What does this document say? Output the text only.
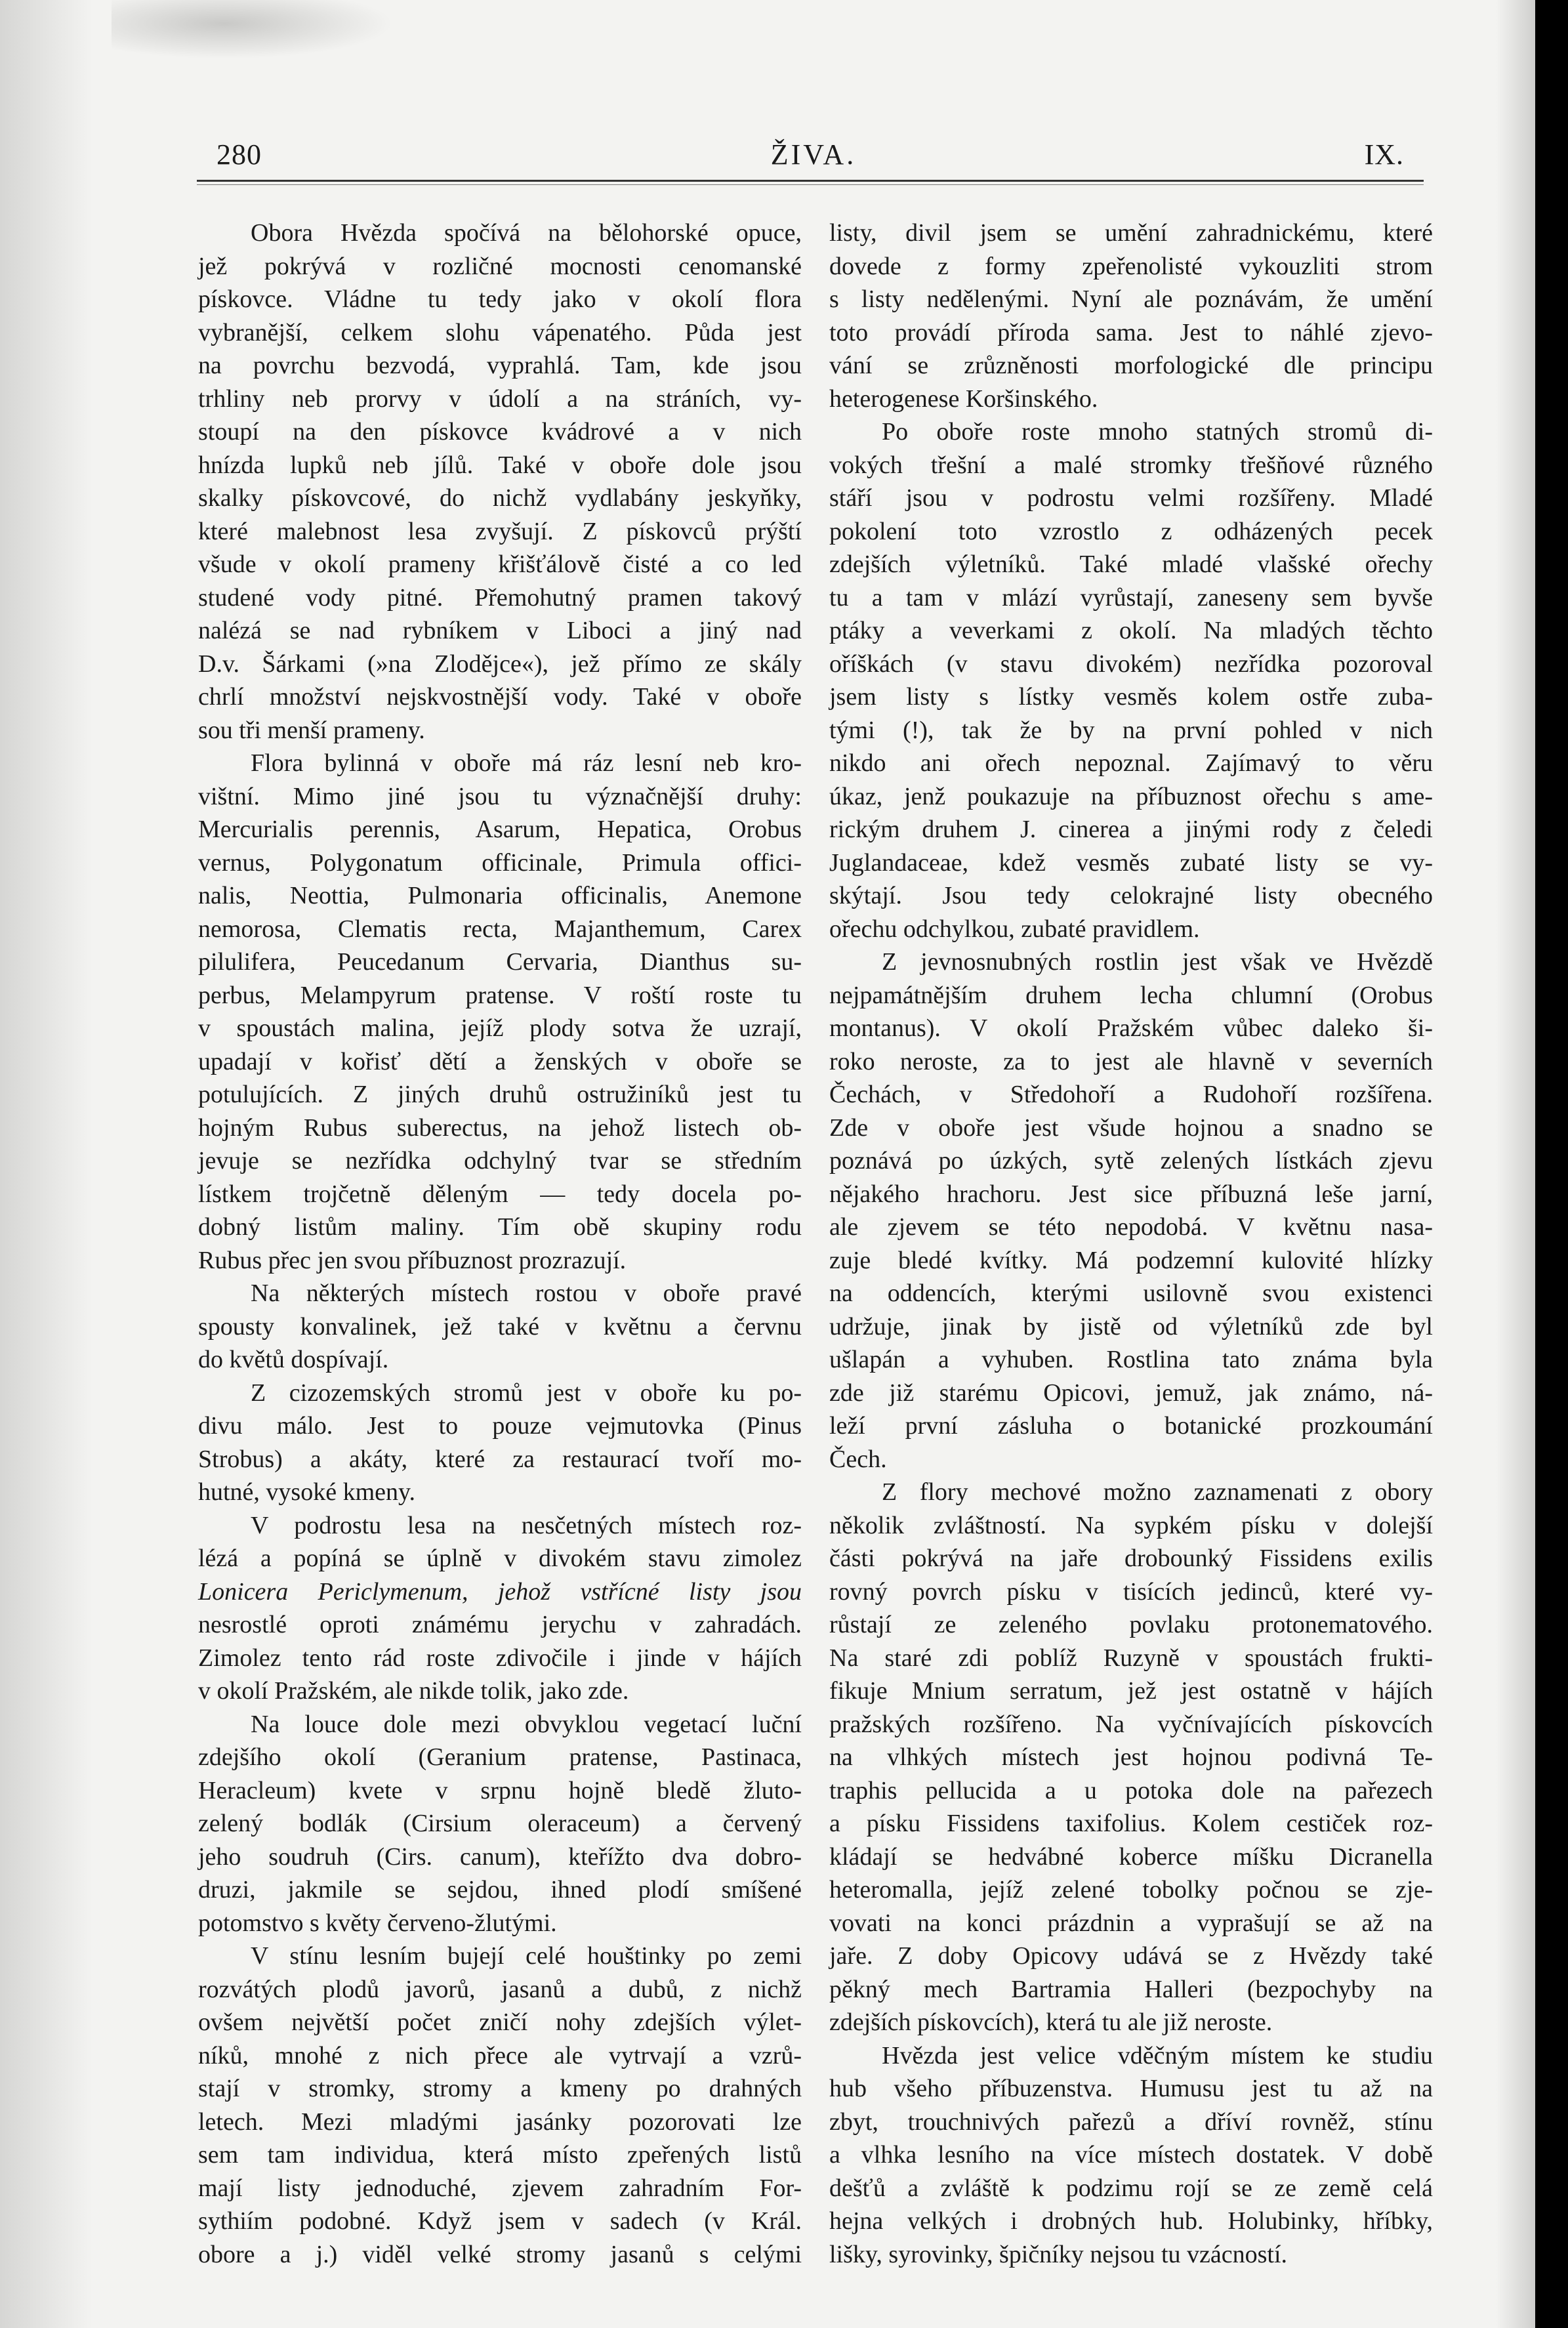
280	ŽIVA.	IX.

Obora Hvězda spočívá na bělohorské opuce,

jež pokrývá v rozličné mocnosti cenomanské

pískovce. Vládne tu tedy jako v okolí flora

vybranější, celkem slohu vápenatého. Půda jest

na povrchu bezvodá, vyprahlá. Tam, kde jsou

trhliny neb prorvy v údolí a na stráních, vy-

stoupí na den pískovce kvádrové a v nich

hnízda lupků neb jílů. Také v oboře dole jsou

skalky pískovcové, do nichž vydlabány jeskyňky,

které malebnost lesa zvyšují. Z pískovců prýští

všude v okolí prameny křišťálově čisté a co led

studené vody pitné. Přemohutný pramen takový

nalézá se nad rybníkem v Liboci a jiný nad

D.v. Šárkami (»na Zlodějce«), jež přímo ze skály

chrlí množství nejskvostnější vody. Také v oboře

sou tři menší prameny.

Flora bylinná v oboře má ráz lesní neb kro-

vištní. Mimo jiné jsou tu význačnější druhy:

Mercurialis perennis, Asarum, Hepatica, Orobus

vernus, Polygonatum officinale, Primula offici-

nalis, Neottia, Pulmonaria officinalis, Anemone

nemorosa, Clematis recta, Majanthemum, Carex

pilulifera, Peucedanum Cervaria, Dianthus su-

perbus, Melampyrum pratense. V roští roste tu

v spoustách malina, jejíž plody sotva že uzrají,

upadají v kořisť dětí a ženských v oboře se

potulujících. Z jiných druhů ostružiníků jest tu

hojným Rubus suberectus, na jehož listech ob-

jevuje se nezřídka odchylný tvar se středním

lístkem trojčetně děleným — tedy docela po-

dobný listům maliny. Tím obě skupiny rodu

Rubus přec jen svou příbuznost prozrazují.

Na některých místech rostou v oboře pravé

spousty konvalinek, jež také v květnu a červnu

do květů dospívají.

Z cizozemských stromů jest v oboře ku po-

divu málo. Jest to pouze vejmutovka (Pinus

Strobus) a akáty, které za restaurací tvoří mo-

hutné, vysoké kmeny.

V podrostu lesa na nesčetných místech roz-

lézá a popíná se úplně v divokém stavu zimolez

Lonicera Periclymenum, jehož vstřícné listy jsou

nesrostlé oproti známému jerychu v zahradách.

Zimolez tento rád roste zdivočile i jinde v hájích

v okolí Pražském, ale nikde tolik, jako zde.

Na louce dole mezi obvyklou vegetací luční

zdejšího okolí (Geranium pratense, Pastinaca,

Heracleum) kvete v srpnu hojně bledě žluto-

zelený bodlák (Cirsium oleraceum) a červený

jeho soudruh (Cirs. canum), kteřížto dva dobro-

druzi, jakmile se sejdou, ihned plodí smíšené

potomstvo s květy červeno-žlutými.

V stínu lesním bujejí celé houštinky po zemi

rozvátých plodů javorů, jasanů a dubů, z nichž

ovšem největší počet zničí nohy zdejších výlet-

níků, mnohé z nich přece ale vytrvají a vzrů-

stají v stromky, stromy a kmeny po drahných

letech. Mezi mladými jasánky pozorovati lze

sem tam individua, která místo zpeřených listů

mají listy jednoduché, zjevem zahradním For-

sythiím podobné. Když jsem v sadech (v Král.

obore a j.) viděl velké stromy jasanů s celými

listy, divil jsem se umění zahradnickému, které

dovede z formy zpeřenolisté vykouzliti strom

s listy nedělenými. Nyní ale poznávám, že umění

toto provádí příroda sama. Jest to náhlé zjevo-

vání se zrůzněnosti morfologické dle principu

heterogenese Koršinského.

Po oboře roste mnoho statných stromů di-

vokých třešní a malé stromky třešňové různého

stáří jsou v podrostu velmi rozšířeny. Mladé

pokolení toto vzrostlo z odházených pecek

zdejších výletníků. Také mladé vlašské ořechy

tu a tam v mlází vyrůstají, zaneseny sem byvše

ptáky a veverkami z okolí. Na mladých těchto

oříškách (v stavu divokém) nezřídka pozoroval

jsem listy s lístky vesměs kolem ostře zuba-

tými (!), tak že by na první pohled v nich

nikdo ani ořech nepoznal. Zajímavý to věru

úkaz, jenž poukazuje na příbuznost ořechu s ame-

rickým druhem J. cinerea a jinými rody z čeledi

Juglandaceae, kdež vesměs zubaté listy se vy-

skýtají. Jsou tedy celokrajné listy obecného

ořechu odchylkou, zubaté pravidlem.

Z jevnosnubných rostlin jest však ve Hvězdě

nejpamátnějším druhem lecha chlumní (Orobus

montanus). V okolí Pražském vůbec daleko ši-

roko neroste, za to jest ale hlavně v severních

Čechách, v Středohoří a Rudohoří rozšířena.

Zde v oboře jest všude hojnou a snadno se

poznává po úzkých, sytě zelených lístkách zjevu

nějakého hrachoru. Jest sice příbuzná leše jarní,

ale zjevem se této nepodobá. V květnu nasa-

zuje bledé kvítky. Má podzemní kulovité hlízky

na oddencích, kterými usilovně svou existenci

udržuje, jinak by jistě od výletníků zde byl

ušlapán a vyhuben. Rostlina tato známa byla

zde již starému Opicovi, jemuž, jak známo, ná-

leží první zásluha o botanické prozkoumání

Čech.

Z flory mechové možno zaznamenati z obory

několik zvláštností. Na sypkém písku v dolejší

části pokrývá na jaře drobounký Fissidens exilis

rovný povrch písku v tisících jedinců, které vy-

růstají ze zeleného povlaku protonematového.

Na staré zdi poblíž Ruzyně v spoustách frukti-

fikuje Mnium serratum, jež jest ostatně v hájích

pražských rozšířeno. Na vyčnívajících pískovcích

na vlhkých místech jest hojnou podivná Te-

traphis pellucida a u potoka dole na pařezech

a písku Fissidens taxifolius. Kolem cestiček roz-

kládají se hedvábné koberce míšku Dicranella

heteromalla, jejíž zelené tobolky počnou se zje-

vovati na konci prázdnin a vyprašují se až na

jaře. Z doby Opicovy udává se z Hvězdy také

pěkný mech Bartramia Halleri (bezpochyby na

zdejších pískovcích), která tu ale již neroste.

Hvězda jest velice vděčným místem ke studiu

hub všeho příbuzenstva. Humusu jest tu až na

zbyt, trouchnivých pařezů a dříví rovněž, stínu

a vlhka lesního na více místech dostatek. V době

dešťů a zvláště k podzimu rojí se ze země celá

hejna velkých i drobných hub. Holubinky, hříbky,

lišky, syrovinky, špičníky nejsou tu vzácností.
